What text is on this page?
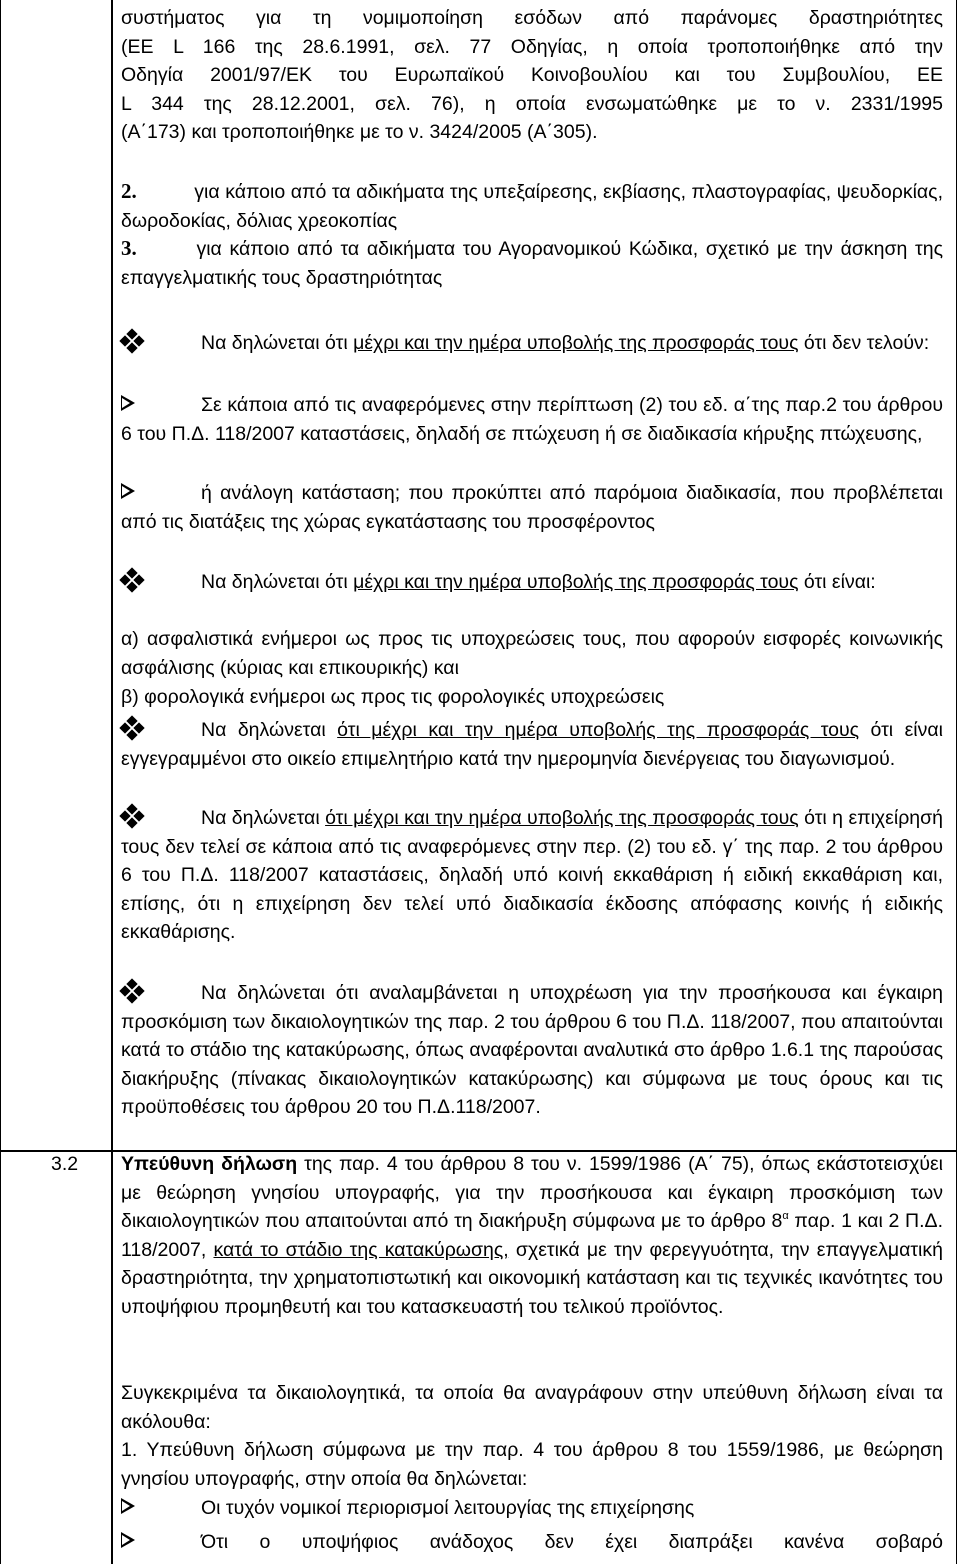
συστήματος για τη νομιμοποίηση εσόδων από παράνομες δραστηριότητες
(ΕΕ L 166 της 28.6.1991, σελ. 77 Οδηγίας, η οποία τροποποιήθηκε από την
Οδηγία 2001/97/ΕΚ του Ευρωπαϊκού Κοινοβουλίου και του Συμβουλίου, ΕΕ
L 344 της 28.12.2001, σελ. 76), η οποία ενσωματώθηκε με το ν. 2331/1995
(Α΄173) και τροποποιήθηκε με το ν. 3424/2005 (Α΄305).
2.	για κάποιο από τα αδικήματα της υπεξαίρεσης, εκβίασης, πλαστογραφίας, ψευδορκίας, δωροδοκίας, δόλιας χρεοκοπίας
3.	για κάποιο από τα αδικήματα του Αγορανομικού Κώδικα, σχετικό με την άσκηση της επαγγελματικής τους δραστηριότητας
Να δηλώνεται ότι μέχρι και την ημέρα υποβολής της προσφοράς τους ότι δεν τελούν:
Σε κάποια από τις αναφερόμενες στην περίπτωση (2) του εδ. α΄της παρ.2 του άρθρου 6 του Π.Δ. 118/2007 καταστάσεις, δηλαδή σε πτώχευση ή σε διαδικασία κήρυξης πτώχευσης,
ή ανάλογη κατάσταση; που προκύπτει από παρόμοια διαδικασία, που προβλέπεται από τις διατάξεις της χώρας εγκατάστασης του προσφέροντος
Να δηλώνεται ότι μέχρι και την ημέρα υποβολής της προσφοράς τους ότι είναι:
α) ασφαλιστικά ενήμεροι ως προς τις υποχρεώσεις τους, που αφορούν εισφορές κοινωνικής ασφάλισης (κύριας και επικουρικής) και
β) φορολογικά ενήμεροι ως προς τις φορολογικές υποχρεώσεις
Να δηλώνεται ότι μέχρι και την ημέρα υποβολής της προσφοράς τους ότι είναι εγγεγραμμένοι στο οικείο επιμελητήριο κατά την ημερομηνία διενέργειας του διαγωνισμού.
Να δηλώνεται ότι μέχρι και την ημέρα υποβολής της προσφοράς τους ότι η επιχείρησή τους δεν τελεί σε κάποια από τις αναφερόμενες στην περ. (2) του εδ. γ΄ της παρ. 2 του άρθρου 6 του Π.Δ. 118/2007 καταστάσεις, δηλαδή υπό κοινή εκκαθάριση ή ειδική εκκαθάριση και, επίσης, ότι η επιχείρηση δεν τελεί υπό διαδικασία έκδοσης απόφασης κοινής ή ειδικής εκκαθάρισης.
Να δηλώνεται ότι αναλαμβάνεται η υποχρέωση για την προσήκουσα και έγκαιρη προσκόμιση των δικαιολογητικών της παρ. 2 του άρθρου 6 του Π.Δ. 118/2007, που απαιτούνται κατά το στάδιο της κατακύρωσης, όπως αναφέρονται αναλυτικά στο άρθρο 1.6.1 της παρούσας διακήρυξης (πίνακας δικαιολογητικών κατακύρωσης) και σύμφωνα με τους όρους και τις προϋποθέσεις του άρθρου 20 του Π.Δ.118/2007.
3.2 Υπεύθυνη δήλωση της παρ. 4 του άρθρου 8 του ν. 1599/1986 (Α΄ 75), όπως εκάστοτεισχύει με θεώρηση γνησίου υπογραφής, για την προσήκουσα και έγκαιρη προσκόμιση των δικαιολογητικών που απαιτούνται από τη διακήρυξη σύμφωνα με το άρθρο $8^\alpha$ παρ. 1 και 2 Π.Δ. 118/2007, κατά το στάδιο της κατακύρωσης, σχετικά με την φερεγγυότητα, την επαγγελματική δραστηριότητα, την χρηματοπιστωτική και οικονομική κατάσταση και τις τεχνικές ικανότητες του υποψήφιου προμηθευτή και του κατασκευαστή του τελικού προϊόντος.
Συγκεκριμένα τα δικαιολογητικά, τα οποία θα αναγράφουν στην υπεύθυνη δήλωση είναι τα ακόλουθα:
1. Υπεύθυνη δήλωση σύμφωνα με την παρ. 4 του άρθρου 8 του 1559/1986, με θεώρηση γνησίου υπογραφής, στην οποία θα δηλώνεται:
Οι τυχόν νομικοί περιορισμοί λειτουργίας της επιχείρησης
Ότι ο υποψήφιος ανάδοχος δεν έχει διαπράξει κανένα σοβαρό
